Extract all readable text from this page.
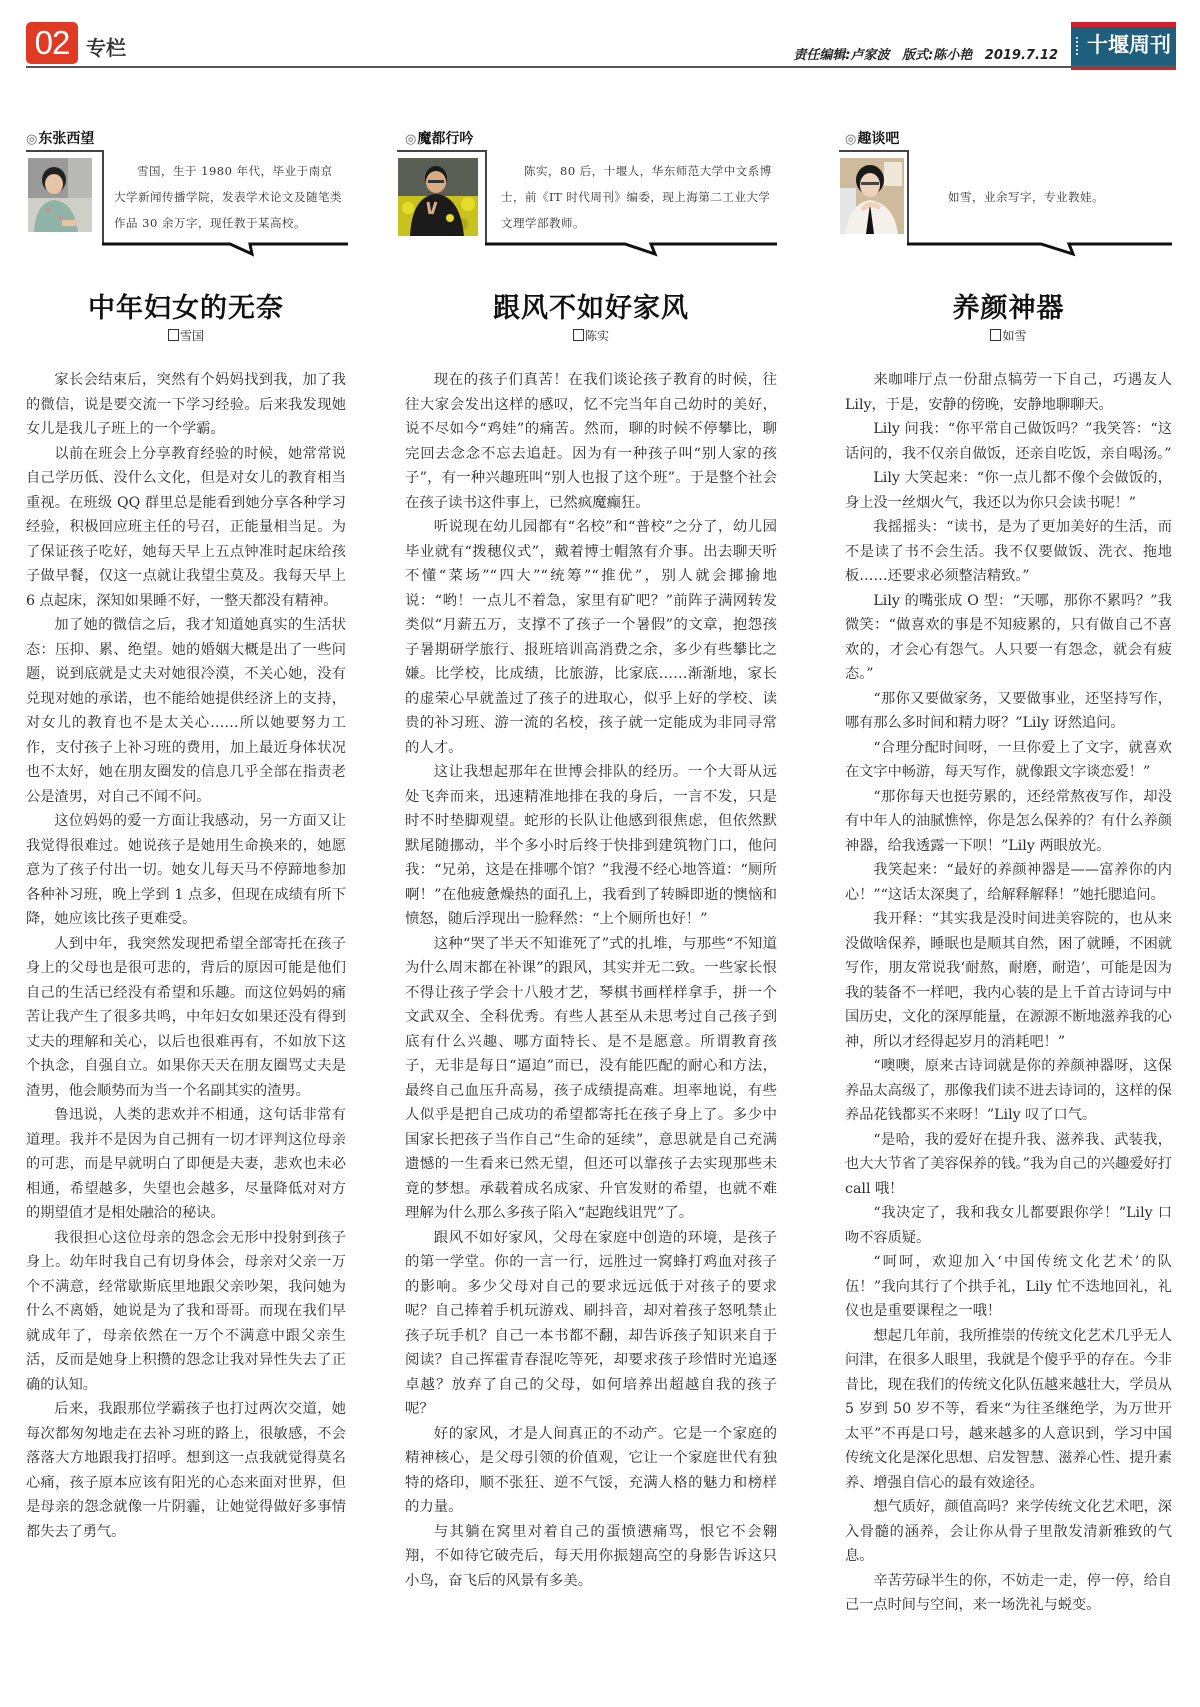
02 专栏	责任编辑:卢家波 版式:陈小艳 2019.7.12 十堰周刊
◎东张西望
雪国，生于 1980 年代，毕业于南京大学新闻传播学院，发表学术论文及随笔类作品 30 余万字，现任教于某高校。
中年妇女的无奈
雪国

家长会结束后，突然有个妈妈找到我，加了我的微信，说是要交流一下学习经验。后来我发现她女儿是我儿子班上的一个学霸。

以前在班会上分享教育经验的时候，她常常说自己学历低、没什么文化，但是对女儿的教育相当重视。在班级 QQ 群里总是能看到她分享各种学习经验，积极回应班主任的号召，正能量相当足。为了保证孩子吃好，她每天早上五点钟准时起床给孩子做早餐，仅这一点就让我望尘莫及。我每天早上 6 点起床，深知如果睡不好，一整天都没有精神。

加了她的微信之后，我才知道她真实的生活状态：压抑、累、绝望。她的婚姻大概是出了一些问题，说到底就是丈夫对她很冷漠，不关心她，没有兑现对她的承诺，也不能给她提供经济上的支持，对女儿的教育也不是太关心……所以她要努力工作，支付孩子上补习班的费用，加上最近身体状况也不太好，她在朋友圈发的信息几乎全部在指责老公是渣男，对自己不闻不问。

这位妈妈的爱一方面让我感动，另一方面又让我觉得很难过。她说孩子是她用生命换来的，她愿意为了孩子付出一切。她女儿每天马不停蹄地参加各种补习班，晚上学到 1 点多，但现在成绩有所下降，她应该比孩子更难受。

人到中年，我突然发现把希望全部寄托在孩子身上的父母也是很可悲的，背后的原因可能是他们自己的生活已经没有希望和乐趣。而这位妈妈的痛苦让我产生了很多共鸣，中年妇女如果还没有得到丈夫的理解和关心，以后也很难再有，不如放下这个执念，自强自立。如果你天天在朋友圈骂丈夫是渣男，他会顺势而为当一个名副其实的渣男。

鲁迅说，人类的悲欢并不相通，这句话非常有道理。我并不是因为自己拥有一切才评判这位母亲的可悲，而是早就明白了即便是夫妻，悲欢也未必相通，希望越多，失望也会越多，尽量降低对对方的期望值才是相处融洽的秘诀。

我很担心这位母亲的怨念会无形中投射到孩子身上。幼年时我自己有切身体会，母亲对父亲一万个不满意，经常歇斯底里地跟父亲吵架，我问她为什么不离婚，她说是为了我和哥哥。而现在我们早就成年了，母亲依然在一万个不满意中跟父亲生活，反而是她身上积攒的怨念让我对异性失去了正确的认知。

后来，我跟那位学霸孩子也打过两次交道，她每次都匆匆地走在去补习班的路上，很敏感，不会落落大方地跟我打招呼。想到这一点我就觉得莫名心痛，孩子原本应该有阳光的心态来面对世界，但是母亲的怨念就像一片阴霾，让她觉得做好多事情都失去了勇气。

◎魔都行吟
陈实，80 后，十堰人，华东师范大学中文系博士，前《IT 时代周刊》编委，现上海第二工业大学文理学部教师。
跟风不如好家风
陈实

现在的孩子们真苦！在我们谈论孩子教育的时候，往往大家会发出这样的感叹，忆不完当年自己幼时的美好，说不尽如今“鸡娃”的痛苦。然而，聊的时候不停攀比，聊完回去念念不忘去追赶。因为有一种孩子叫“别人家的孩子”，有一种兴趣班叫“别人也报了这个班”。于是整个社会在孩子读书这件事上，已然疯魔癫狂。

听说现在幼儿园都有“名校”和“普校”之分了，幼儿园毕业就有“拨穗仪式”，戴着博士帽煞有介事。出去聊天听不懂“菜场”“四大”“统筹”“推优”，别人就会揶揄地说：“哟！一点儿不着急，家里有矿吧？”前阵子满网转发类似“月薪五万，支撑不了孩子一个暑假”的文章，抱怨孩子暑期研学旅行、报班培训高消费之余，多少有些攀比之嫌。比学校，比成绩，比旅游，比家底……渐渐地，家长的虚荣心早就盖过了孩子的进取心，似乎上好的学校、读贵的补习班、游一流的名校，孩子就一定能成为非同寻常的人才。

这让我想起那年在世博会排队的经历。一个大哥从远处飞奔而来，迅速精准地排在我的身后，一言不发，只是时不时垫脚观望。蛇形的长队让他感到很焦虑，但依然默默尾随挪动，半个多小时后终于快排到建筑物门口，他问我：“兄弟，这是在排哪个馆？”我漫不经心地答道：“厕所啊！”在他疲惫燥热的面孔上，我看到了转瞬即逝的懊恼和愤怒，随后浮现出一脸释然：“上个厕所也好！”

这种“哭了半天不知谁死了”式的扎堆，与那些“不知道为什么周末都在补课”的跟风，其实并无二致。一些家长恨不得让孩子学会十八般才艺，琴棋书画样样拿手，拼一个文武双全、全科优秀。有些人甚至从未思考过自己孩子到底有什么兴趣、哪方面特长、是不是愿意。所谓教育孩子，无非是每日“逼迫”而已，没有能匹配的耐心和方法，最终自己血压升高易，孩子成绩提高难。坦率地说，有些人似乎是把自己成功的希望都寄托在孩子身上了。多少中国家长把孩子当作自己“生命的延续”，意思就是自己充满遗憾的一生看来已然无望，但还可以靠孩子去实现那些未竟的梦想。承载着成名成家、升官发财的希望，也就不难理解为什么那么多孩子陷入“起跑线诅咒”了。

跟风不如好家风，父母在家庭中创造的环境，是孩子的第一学堂。你的一言一行，远胜过一窝蜂打鸡血对孩子的影响。多少父母对自己的要求远远低于对孩子的要求呢？自己捧着手机玩游戏、刷抖音，却对着孩子怒吼禁止孩子玩手机？自己一本书都不翻，却告诉孩子知识来自于阅读？自己挥霍青春混吃等死，却要求孩子珍惜时光追逐卓越？放弃了自己的父母，如何培养出超越自我的孩子呢？

好的家风，才是人间真正的不动产。它是一个家庭的精神核心，是父母引领的价值观，它让一个家庭世代有独特的烙印，顺不张狂、逆不气馁，充满人格的魅力和榜样的力量。

与其躺在窝里对着自己的蛋愤懑痛骂，恨它不会翱翔，不如待它破壳后，每天用你振翅高空的身影告诉这只小鸟，奋飞后的风景有多美。

◎趣谈吧
如雪，业余写字，专业教娃。
养颜神器
如雪

来咖啡厅点一份甜点犒劳一下自己，巧遇友人 Lily，于是，安静的傍晚，安静地聊聊天。

Lily 问我：“你平常自己做饭吗？”我笑答：“这话问的，我不仅亲自做饭，还亲自吃饭，亲自喝汤。”

Lily 大笑起来：“你一点儿都不像个会做饭的，身上没一丝烟火气，我还以为你只会读书呢！”

我摇摇头：“读书，是为了更加美好的生活，而不是读了书不会生活。我不仅要做饭、洗衣、拖地板……还要求必须整洁精致。”

Lily 的嘴张成 O 型：“天哪，那你不累吗？”我微笑：“做喜欢的事是不知疲累的，只有做自己不喜欢的，才会心有怨气。人只要一有怨念，就会有疲态。”

“那你又要做家务，又要做事业，还坚持写作，哪有那么多时间和精力呀？”Lily 讶然追问。

“合理分配时间呀，一旦你爱上了文字，就喜欢在文字中畅游，每天写作，就像跟文字谈恋爱！”

“那你每天也挺劳累的，还经常熬夜写作，却没有中年人的油腻憔悴，你是怎么保养的？有什么养颜神器，给我透露一下呗！”Lily 两眼放光。

我笑起来：“最好的养颜神器是——富养你的内心！”“这话太深奥了，给解释解释！”她托腮追问。

我开释：“其实我是没时间进美容院的，也从来没做啥保养，睡眠也是顺其自然，困了就睡，不困就写作，朋友常说我‘耐熬，耐磨，耐造’，可能是因为我的装备不一样吧，我内心装的是上千首古诗词与中国历史，文化的深厚能量，在源源不断地滋养我的心神，所以才经得起岁月的消耗吧！”

“噢噢，原来古诗词就是你的养颜神器呀，这保养品太高级了，那像我们读不进去诗词的，这样的保养品花钱都买不来呀！”Lily 叹了口气。

“是哈，我的爱好在提升我、滋养我、武装我，也大大节省了美容保养的钱。”我为自己的兴趣爱好打 call 哦！

“我决定了，我和我女儿都要跟你学！”Lily 口吻不容质疑。

“呵呵，欢迎加入‘中国传统文化艺术’的队伍！”我向其行了个拱手礼，Lily 忙不迭地回礼，礼仪也是重要课程之一哦！

想起几年前，我所推崇的传统文化艺术几乎无人问津，在很多人眼里，我就是个傻乎乎的存在。今非昔比，现在我们的传统文化队伍越来越壮大，学员从 5 岁到 50 岁不等，看来“为往圣继绝学，为万世开太平”不再是口号，越来越多的人意识到，学习中国传统文化是深化思想、启发智慧、滋养心性、提升素养、增强自信心的最有效途径。

想气质好，颜值高吗？来学传统文化艺术吧，深入骨髓的涵养，会让你从骨子里散发清新雅致的气息。

辛苦劳碌半生的你，不妨走一走，停一停，给自己一点时间与空间，来一场洗礼与蜕变。
